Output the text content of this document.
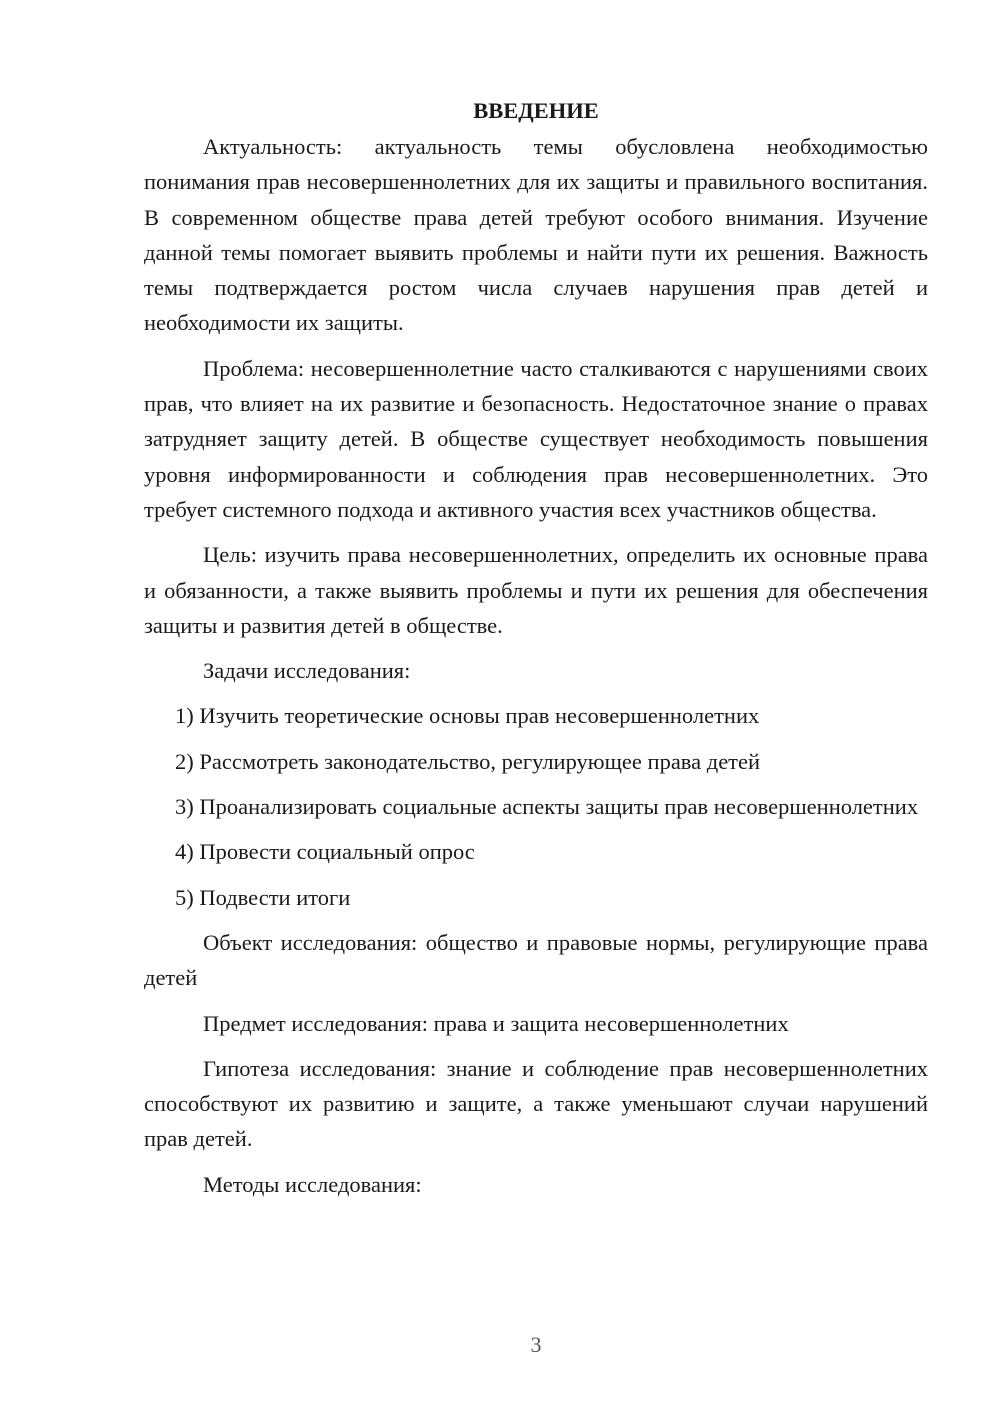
ВВЕДЕНИЕ

Актуальность: актуальность темы обусловлена необходимостью понимания прав несовершеннолетних для их защиты и правильного воспитания. В современном обществе права детей требуют особого внимания. Изучение данной темы помогает выявить проблемы и найти пути их решения. Важность темы подтверждается ростом числа случаев нарушения прав детей и необходимости их защиты.

Проблема: несовершеннолетние часто сталкиваются с нарушениями своих прав, что влияет на их развитие и безопасность. Недостаточное знание о правах затрудняет защиту детей. В обществе существует необходимость повышения уровня информированности и соблюдения прав несовершеннолетних. Это требует системного подхода и активного участия всех участников общества.

Цель: изучить права несовершеннолетних, определить их основные права и обязанности, а также выявить проблемы и пути их решения для обеспечения защиты и развития детей в обществе.

Задачи исследования:

1) Изучить теоретические основы прав несовершеннолетних

2) Рассмотреть законодательство, регулирующее права детей

3) Проанализировать социальные аспекты защиты прав несовершеннолетних

4) Провести социальный опрос

5) Подвести итоги

Объект исследования: общество и правовые нормы, регулирующие права детей

Предмет исследования: права и защита несовершеннолетних

Гипотеза исследования: знание и соблюдение прав несовершеннолетних способствуют их развитию и защите, а также уменьшают случаи нарушений прав детей.

Методы исследования:

3
